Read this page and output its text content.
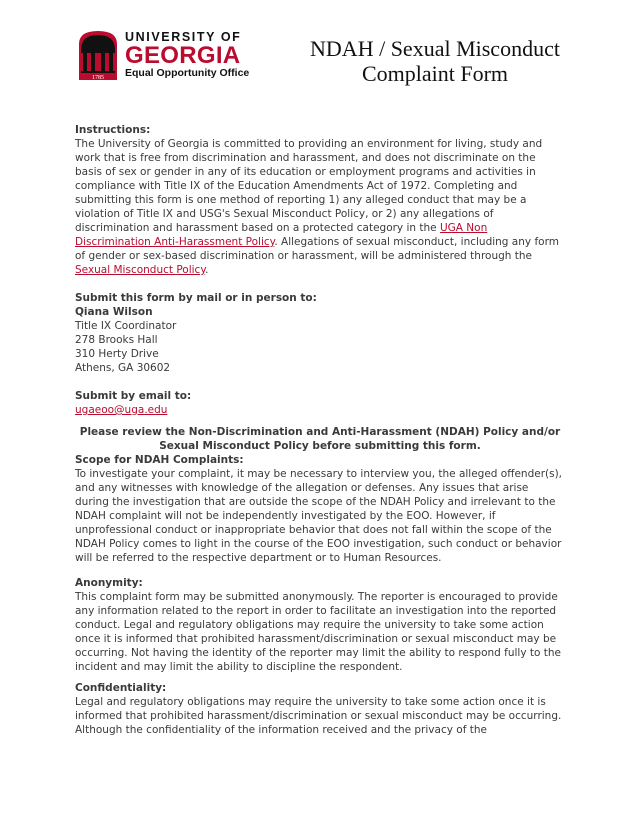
1785
UNIVERSITY OF
GEORGIA
Equal Opportunity Office
NDAH / Sexual Misconduct
Complaint Form

Instructions:

The University of Georgia is committed to providing an environment for living, study and work that is free from discrimination and harassment, and does not discriminate on the basis of sex or gender in any of its education or employment programs and activities in compliance with Title IX of the Education Amendments Act of 1972. Completing and submitting this form is one method of reporting 1) any alleged conduct that may be a violation of Title IX and USG's Sexual Misconduct Policy, or 2) any allegations of discrimination and harassment based on a protected category in the UGA Non Discrimination Anti-Harassment Policy. Allegations of sexual misconduct, including any form of gender or sex-based discrimination or harassment, will be administered through the Sexual Misconduct Policy.

Submit this form by mail or in person to:

Qiana Wilson

Title IX Coordinator

278 Brooks Hall

310 Herty Drive

Athens, GA 30602

Submit by email to:

ugaeoo@uga.edu

Please review the Non-Discrimination and Anti-Harassment (NDAH) Policy and/or Sexual Misconduct Policy before submitting this form.

Scope for NDAH Complaints:

To investigate your complaint, it may be necessary to interview you, the alleged offender(s), and any witnesses with knowledge of the allegation or defenses. Any issues that arise during the investigation that are outside the scope of the NDAH Policy and irrelevant to the NDAH complaint will not be independently investigated by the EOO. However, if unprofessional conduct or inappropriate behavior that does not fall within the scope of the NDAH Policy comes to light in the course of the EOO investigation, such conduct or behavior will be referred to the respective department or to Human Resources.

Anonymity:

This complaint form may be submitted anonymously. The reporter is encouraged to provide any information related to the report in order to facilitate an investigation into the reported conduct. Legal and regulatory obligations may require the university to take some action once it is informed that prohibited harassment/discrimination or sexual misconduct may be occurring. Not having the identity of the reporter may limit the ability to respond fully to the incident and may limit the ability to discipline the respondent.

Confidentiality:

Legal and regulatory obligations may require the university to take some action once it is informed that prohibited harassment/discrimination or sexual misconduct may be occurring. Although the confidentiality of the information received and the privacy of the
